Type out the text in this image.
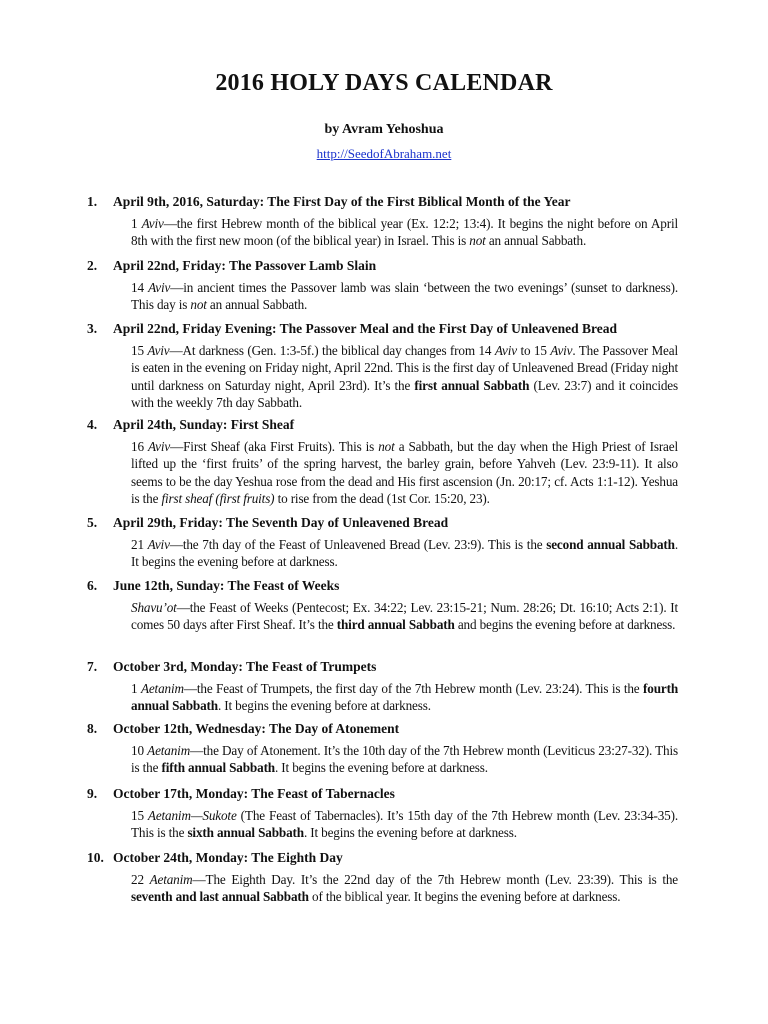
2016 HOLY DAYS CALENDAR
by Avram Yehoshua
http://SeedofAbraham.net
1.	April 9th, 2016, Saturday: The First Day of the First Biblical Month of the Year
1 Aviv—the first Hebrew month of the biblical year (Ex. 12:2; 13:4). It begins the night before on April 8th with the first new moon (of the biblical year) in Israel. This is not an annual Sabbath.
2.	April 22nd, Friday: The Passover Lamb Slain
14 Aviv—in ancient times the Passover lamb was slain ‘between the two evenings’ (sunset to darkness). This day is not an annual Sabbath.
3.	April 22nd, Friday Evening: The Passover Meal and the First Day of Unleavened Bread
15 Aviv—At darkness (Gen. 1:3-5f.) the biblical day changes from 14 Aviv to 15 Aviv. The Passover Meal is eaten in the evening on Friday night, April 22nd. This is the first day of Unleavened Bread (Friday night until darkness on Saturday night, April 23rd). It’s the first annual Sabbath (Lev. 23:7) and it coincides with the weekly 7th day Sabbath.
4.	April 24th, Sunday: First Sheaf
16 Aviv—First Sheaf (aka First Fruits). This is not a Sabbath, but the day when the High Priest of Israel lifted up the ‘first fruits’ of the spring harvest, the barley grain, before Yahveh (Lev. 23:9-11). It also seems to be the day Yeshua rose from the dead and His first ascension (Jn. 20:17; cf. Acts 1:1-12). Yeshua is the first sheaf (first fruits) to rise from the dead (1st Cor. 15:20, 23).
5.	April 29th, Friday: The Seventh Day of Unleavened Bread
21 Aviv—the 7th day of the Feast of Unleavened Bread (Lev. 23:9). This is the second annual Sabbath. It begins the evening before at darkness.
6.	June 12th, Sunday: The Feast of Weeks
Shavu’ot—the Feast of Weeks (Pentecost; Ex. 34:22; Lev. 23:15-21; Num. 28:26; Dt. 16:10; Acts 2:1). It comes 50 days after First Sheaf. It’s the third annual Sabbath and begins the evening before at darkness.
7.	October 3rd, Monday: The Feast of Trumpets
1 Aetanim—the Feast of Trumpets, the first day of the 7th Hebrew month (Lev. 23:24). This is the fourth annual Sabbath. It begins the evening before at darkness.
8.	October 12th, Wednesday: The Day of Atonement
10 Aetanim—the Day of Atonement. It’s the 10th day of the 7th Hebrew month (Leviticus 23:27-32). This is the fifth annual Sabbath. It begins the evening before at darkness.
9.	October 17th, Monday: The Feast of Tabernacles
15 Aetanim—Sukote (The Feast of Tabernacles). It’s 15th day of the 7th Hebrew month (Lev. 23:34-35). This is the sixth annual Sabbath. It begins the evening before at darkness.
10. October 24th, Monday: The Eighth Day
22 Aetanim—The Eighth Day. It’s the 22nd day of the 7th Hebrew month (Lev. 23:39). This is the seventh and last annual Sabbath of the biblical year. It begins the evening before at darkness.
